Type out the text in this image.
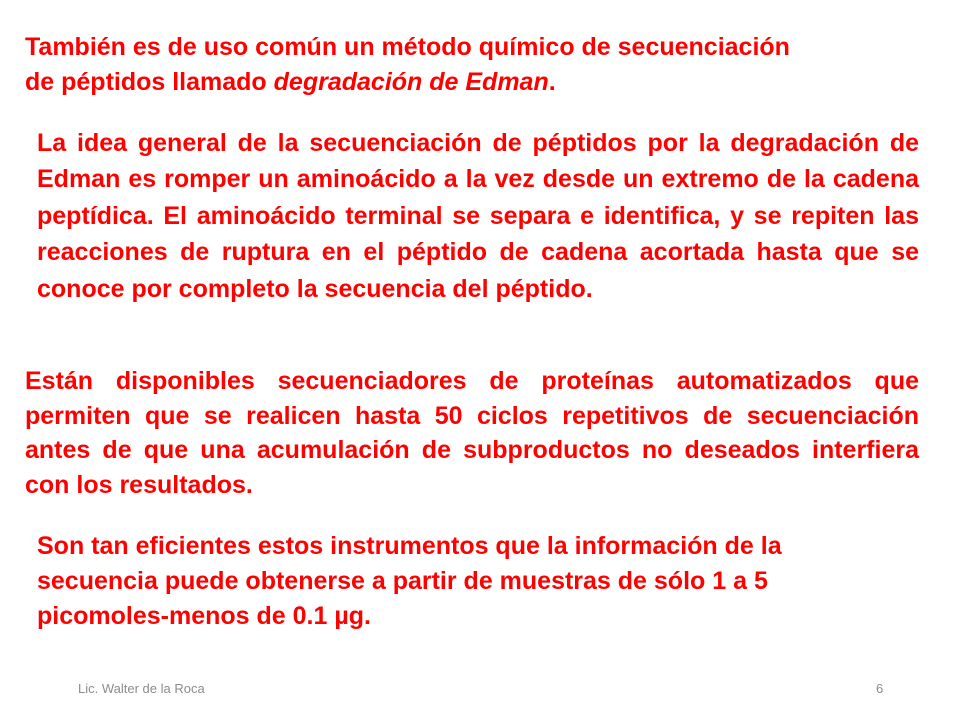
También es de uso común un método químico de secuenciación
de péptidos llamado degradación de Edman.

La idea general de la secuenciación de péptidos por la degradación de Edman es romper un aminoácido a la vez desde un extremo de la cadena peptídica. El aminoácido terminal se separa e identifica, y se repiten las reacciones de ruptura en el péptido de cadena acortada hasta que se conoce por completo la secuencia del péptido.

Están disponibles secuenciadores de proteínas automatizados que permiten que se realicen hasta 50 ciclos repetitivos de secuenciación antes de que una acumulación de subproductos no deseados interfiera con los resultados.

Son tan eficientes estos instrumentos que la información de la
secuencia puede obtenerse a partir de muestras de sólo 1 a 5
picomoles-menos de 0.1 µg.

Lic. Walter de la Roca	6
